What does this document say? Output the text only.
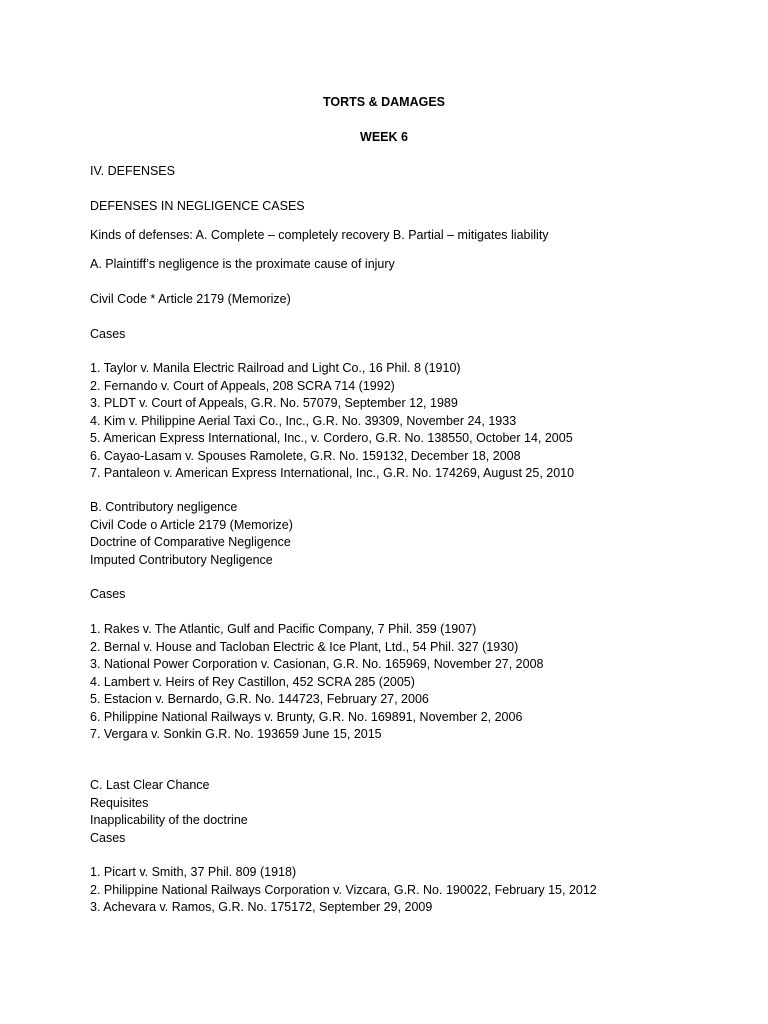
TORTS & DAMAGES
WEEK 6
IV. DEFENSES
DEFENSES IN NEGLIGENCE CASES
Kinds of defenses: A. Complete – completely recovery B. Partial – mitigates liability
A. Plaintiff’s negligence is the proximate cause of injury
Civil Code * Article 2179 (Memorize)
Cases
1. Taylor v. Manila Electric Railroad and Light Co., 16 Phil. 8 (1910)
2. Fernando v. Court of Appeals, 208 SCRA 714 (1992)
3. PLDT v. Court of Appeals, G.R. No. 57079, September 12, 1989
4. Kim v. Philippine Aerial Taxi Co., Inc., G.R. No. 39309, November 24, 1933
5. American Express International, Inc., v. Cordero, G.R. No. 138550, October 14, 2005
6. Cayao-Lasam v. Spouses Ramolete, G.R. No. 159132, December 18, 2008
7. Pantaleon v. American Express International, Inc., G.R. No. 174269, August 25, 2010
B. Contributory negligence
Civil Code o Article 2179 (Memorize)
Doctrine of Comparative Negligence
Imputed Contributory Negligence
Cases
1. Rakes v. The Atlantic, Gulf and Pacific Company, 7 Phil. 359 (1907)
2. Bernal v. House and Tacloban Electric & Ice Plant, Ltd., 54 Phil. 327 (1930)
3. National Power Corporation v. Casionan, G.R. No. 165969, November 27, 2008
4. Lambert v. Heirs of Rey Castillon, 452 SCRA 285 (2005)
5. Estacion v. Bernardo, G.R. No. 144723, February 27, 2006
6. Philippine National Railways v. Brunty, G.R. No. 169891, November 2, 2006
7. Vergara v. Sonkin G.R. No. 193659 June 15, 2015
C. Last Clear Chance
Requisites
Inapplicability of the doctrine
Cases
1. Picart v. Smith, 37 Phil. 809 (1918)
2. Philippine National Railways Corporation v. Vizcara, G.R. No. 190022, February 15, 2012
3. Achevara v. Ramos, G.R. No. 175172, September 29, 2009
